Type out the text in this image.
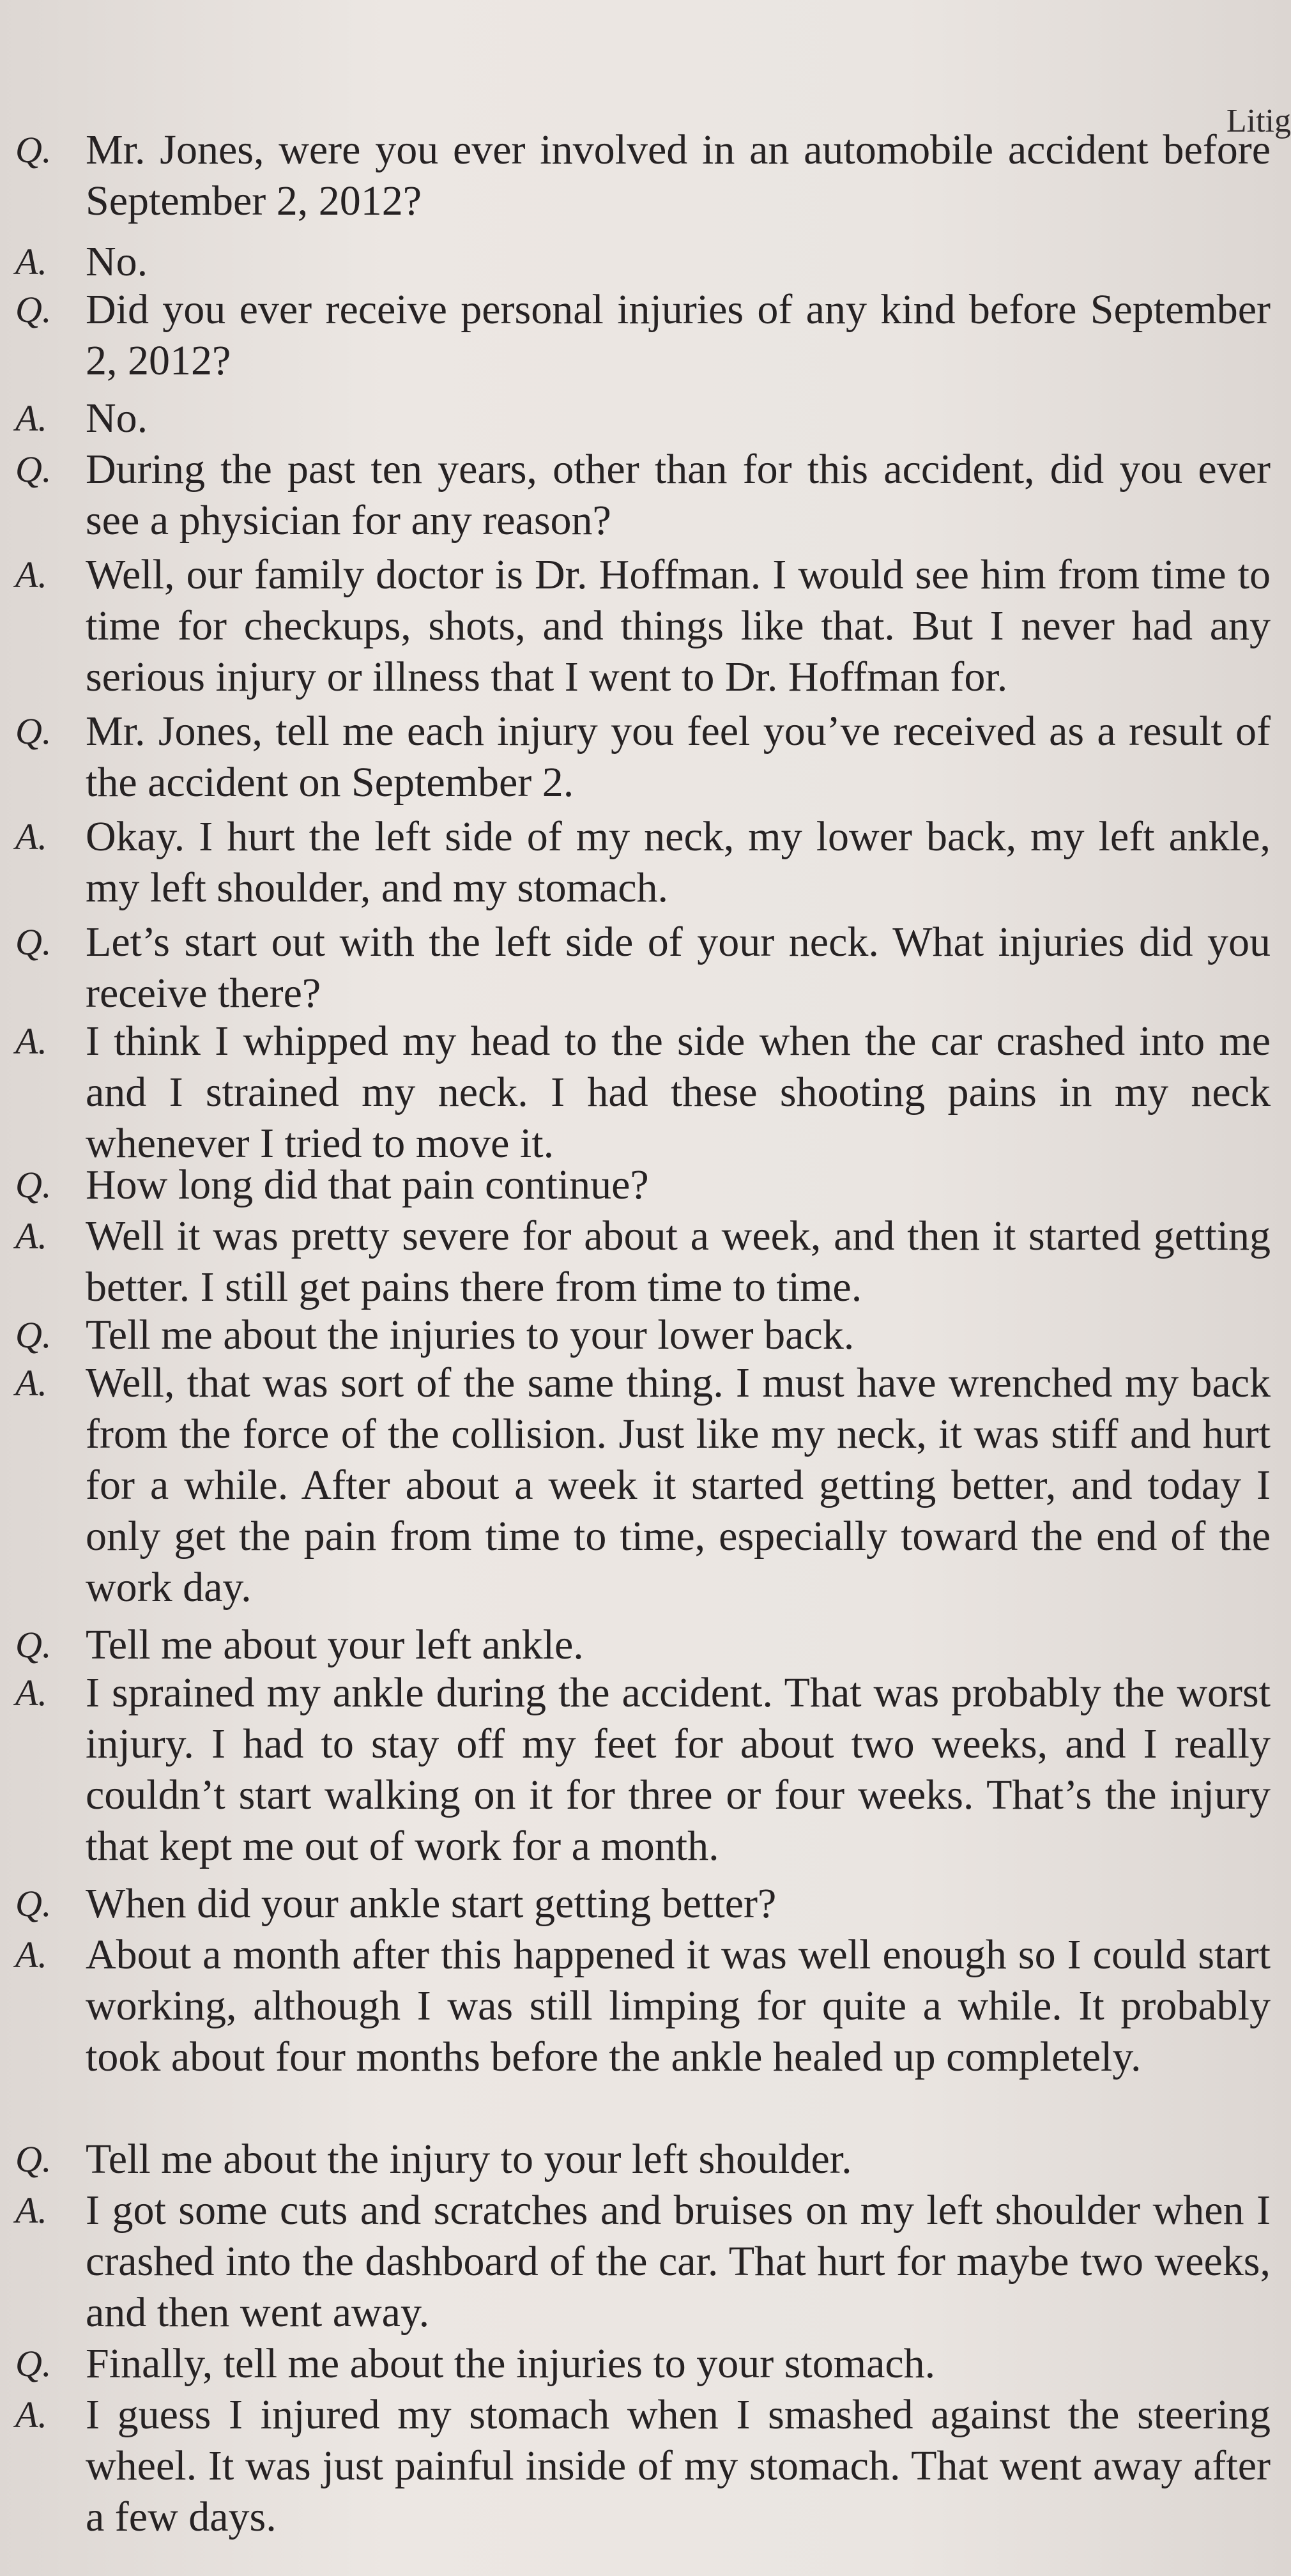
Litig
Q. Mr. Jones, were you ever involved in an automobile accident before September 2, 2012?
A. No.
Q. Did you ever receive personal injuries of any kind before September 2, 2012?
A. No.
Q. During the past ten years, other than for this accident, did you ever see a physician for any reason?
A. Well, our family doctor is Dr. Hoffman. I would see him from time to time for checkups, shots, and things like that. But I never had any serious injury or illness that I went to Dr. Hoffman for.
Q. Mr. Jones, tell me each injury you feel you’ve received as a result of the accident on September 2.
A. Okay. I hurt the left side of my neck, my lower back, my left ankle, my left shoulder, and my stomach.
Q. Let’s start out with the left side of your neck. What injuries did you receive there?
A. I think I whipped my head to the side when the car crashed into me and I strained my neck. I had these shooting pains in my neck whenever I tried to move it.
Q. How long did that pain continue?
A. Well it was pretty severe for about a week, and then it started getting better. I still get pains there from time to time.
Q. Tell me about the injuries to your lower back.
A. Well, that was sort of the same thing. I must have wrenched my back from the force of the collision. Just like my neck, it was stiff and hurt for a while. After about a week it started getting better, and today I only get the pain from time to time, especially toward the end of the work day.
Q. Tell me about your left ankle.
A. I sprained my ankle during the accident. That was probably the worst injury. I had to stay off my feet for about two weeks, and I really couldn’t start walking on it for three or four weeks. That’s the injury that kept me out of work for a month.
Q. When did your ankle start getting better?
A. About a month after this happened it was well enough so I could start working, although I was still limping for quite a while. It probably took about four months before the ankle healed up completely.
Q. Tell me about the injury to your left shoulder.
A. I got some cuts and scratches and bruises on my left shoulder when I crashed into the dashboard of the car. That hurt for maybe two weeks, and then went away.
Q. Finally, tell me about the injuries to your stomach.
A. I guess I injured my stomach when I smashed against the steering wheel. It was just painful inside of my stomach. That went away after a few days.
